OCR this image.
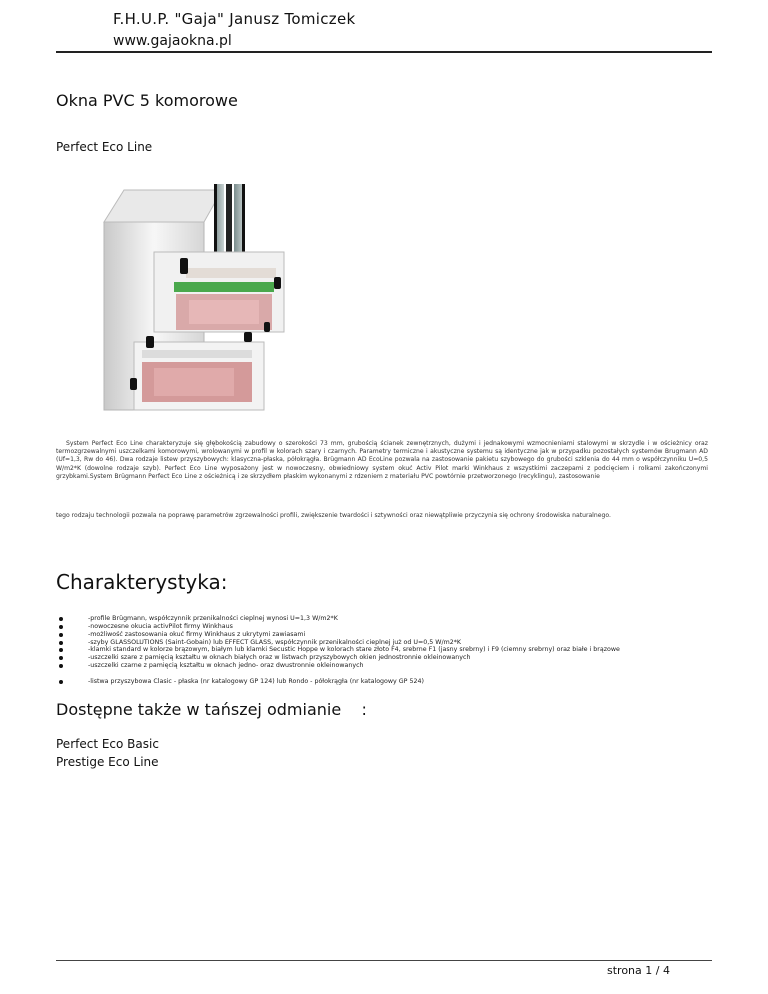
F.H.U.P. "Gaja" Janusz Tomiczek
www.gajaokna.pl
Okna PVC 5 komorowe
Perfect Eco Line
System Perfect Eco Line charakteryzuje się głębokością zabudowy o szerokości 73 mm, grubością ścianek zewnętrznych, dużymi i jednakowymi wzmocnieniami stalowymi w skrzydle i w ościeżnicy oraz termozgrzewalnymi uszczelkami komorowymi, wrolowanymi w profil w kolorach szary i czarnych. Parametry termiczne i akustyczne systemu są identyczne jak w przypadku pozostałych systemów Brugmann AD (Uf=1,3, Rw do 46). Dwa rodzaje listew przyszybowych: klasyczna-płaska, półokrągła. Brügmann AD EcoLine pozwala na zastosowanie pakietu szybowego do grubości szklenia do 44 mm o współczynniku U=0,5 W/m2*K (dowolne rodzaje szyb). Perfect Eco Line wyposażony jest w nowoczesny, obwiedniowy system okuć Activ Pilot marki Winkhaus z wszystkimi zaczepami z podcięciem i rolkami zakończonymi grzybkami.System Brügmann Perfect Eco Line z ościeżnicą i ze skrzydłem płaskim wykonanymi z rdzeniem z materiału PVC powtórnie przetworzonego (recyklingu), zastosowanie
tego rodzaju technologii pozwala na poprawę parametrów zgrzewalności profili, zwiększenie twardości i sztywności oraz niewątpliwie przyczynia się ochrony środowiska naturalnego.
Charakterystyka:
-profile Brügmann, współczynnik przenikalności cieplnej wynosi U=1,3 W/m2*K
-nowoczesne okucia activPilot firmy Winkhaus
-możliwość zastosowania okuć firmy Winkhaus z ukrytymi zawiasami
-szyby GLASSOLUTIONS (Saint-Gobain) lub EFFECT GLASS, współczynnik przenikalności cieplnej już od U=0,5 W/m2*K
-klamki standard w kolorze brązowym, białym lub klamki Secustic Hoppe w kolorach stare złoto F4, srebrne F1 (jasny srebrny) i F9 (ciemny srebrny) oraz białe i brązowe
-uszczelki szare z pamięcią kształtu w oknach białych oraz w listwach przyszybowych okien jednostronnie okleinowanych
-uszczelki czarne z pamięcią kształtu w oknach jedno- oraz dwustronnie okleinowanych
-listwa przyszybowa Clasic - płaska (nr katalogowy GP 124) lub Rondo - półokrągła (nr katalogowy GP 524)
Dostępne także w tańszej odmianie    :
Perfect Eco Basic
Prestige Eco Line
strona 1 / 4
